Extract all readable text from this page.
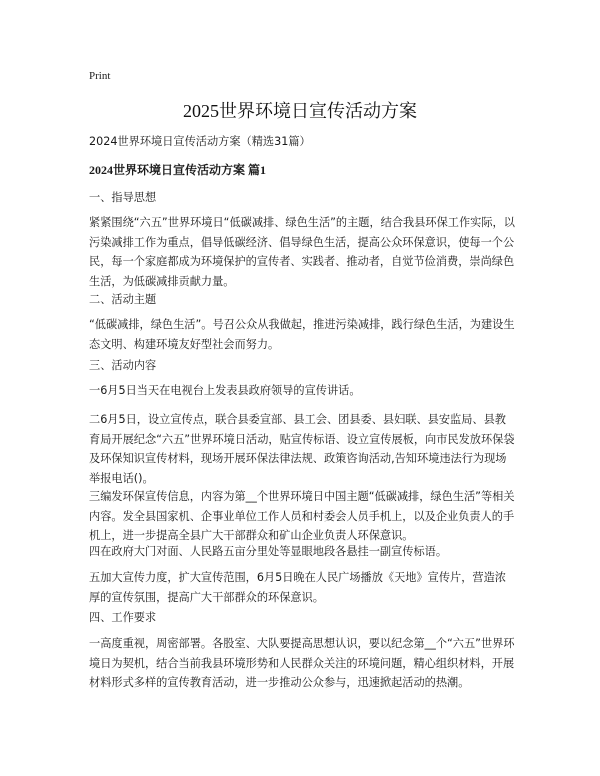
Print
2025世界环境日宣传活动方案

2024世界环境日宣传活动方案（精选31篇）

2024世界环境日宣传活动方案 篇1

一、指导思想

紧紧围绕“六五”世界环境日“低碳减排、绿色生活”的主题，结合我县环保工作实际，以污染减排工作为重点，倡导低碳经济、倡导绿色生活，提高公众环保意识，使每一个公民，每一个家庭都成为环境保护的宣传者、实践者、推动者，自觉节俭消费，崇尚绿色生活，为低碳减排贡献力量。

二、活动主题

“低碳减排，绿色生活”。号召公众从我做起，推进污染减排，践行绿色生活，为建设生态文明、构建环境友好型社会而努力。

三、活动内容

一6月5日当天在电视台上发表县政府领导的宣传讲话。

二6月5日，设立宣传点，联合县委宣部、县工会、团县委、县妇联、县安监局、县教育局开展纪念“六五”世界环境日活动，贴宣传标语、设立宣传展板，向市民发放环保袋及环保知识宣传材料，现场开展环保法律法规、政策咨询活动,告知环境违法行为现场举报电话()。

三编发环保宣传信息，内容为第__个世界环境日中国主题“低碳减排，绿色生活”等相关内容。发全县国家机、企事业单位工作人员和村委会人员手机上，以及企业负责人的手机上，进一步提高全县广大干部群众和矿山企业负责人环保意识。

四在政府大门对面、人民路五亩分里处等显眼地段各悬挂一副宣传标语。

五加大宣传力度，扩大宣传范围，6月5日晚在人民广场播放《天地》宣传片，营造浓厚的宣传氛围，提高广大干部群众的环保意识。

四、工作要求

一高度重视，周密部署。各股室、大队要提高思想认识，要以纪念第__个“六五”世界环境日为契机，结合当前我县环境形势和人民群众关注的环境问题，精心组织材料，开展材料形式多样的宣传教育活动，进一步推动公众参与，迅速掀起活动的热潮。
